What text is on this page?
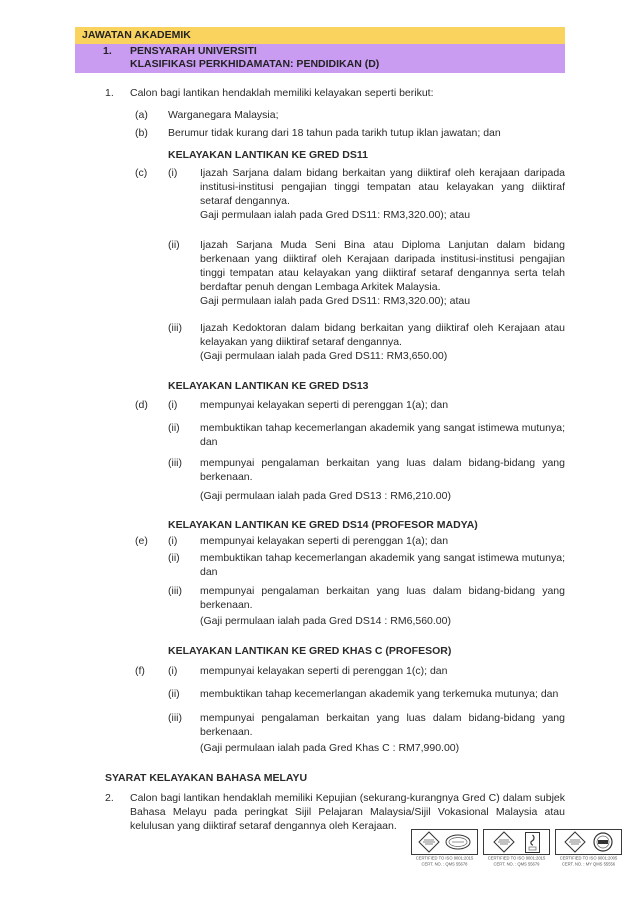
JAWATAN AKADEMIK
1.	PENSYARAH UNIVERSITI
KLASIFIKASI PERKHIDAMATAN: PENDIDIKAN (D)
1.	Calon bagi lantikan hendaklah memiliki kelayakan seperti berikut:
(a)	Warganegara Malaysia;
(b)	Berumur tidak kurang dari 18 tahun pada tarikh tutup iklan jawatan; dan
KELAYAKAN LANTIKAN KE GRED DS11
(c)	(i)	Ijazah Sarjana dalam bidang berkaitan yang diiktiraf oleh kerajaan daripada institusi-institusi pengajian tinggi tempatan atau kelayakan yang diiktiraf setaraf dengannya.
Gaji permulaan ialah pada Gred DS11: RM3,320.00); atau
(ii)	Ijazah Sarjana Muda Seni Bina atau Diploma Lanjutan dalam bidang berkenaan yang diiktiraf oleh Kerajaan daripada institusi-institusi pengajian tinggi tempatan atau kelayakan yang diiktiraf setaraf dengannya serta telah berdaftar penuh dengan Lembaga Arkitek Malaysia.
Gaji permulaan ialah pada Gred DS11: RM3,320.00); atau
(iii)	Ijazah Kedoktoran dalam bidang berkaitan yang diiktiraf oleh Kerajaan atau kelayakan yang diiktiraf setaraf dengannya.
(Gaji permulaan ialah pada Gred DS11: RM3,650.00)
KELAYAKAN LANTIKAN KE GRED DS13
(d)	(i)	mempunyai kelayakan seperti di perenggan 1(a); dan
(ii)	membuktikan tahap kecemerlangan akademik yang sangat istimewa mutunya; dan
(iii)	mempunyai pengalaman berkaitan yang luas dalam bidang-bidang yang berkenaan.
(Gaji permulaan ialah pada Gred DS13 : RM6,210.00)
KELAYAKAN LANTIKAN KE GRED DS14 (PROFESOR MADYA)
(e)	(i)	mempunyai kelayakan seperti di perenggan 1(a); dan
(ii)	membuktikan tahap kecemerlangan akademik yang sangat istimewa mutunya; dan
(iii)	mempunyai pengalaman berkaitan yang luas dalam bidang-bidang yang berkenaan.
(Gaji permulaan ialah pada Gred DS14 : RM6,560.00)
KELAYAKAN LANTIKAN KE GRED KHAS C (PROFESOR)
(f)	(i)	mempunyai kelayakan seperti di perenggan 1(c); dan
(ii)	membuktikan tahap kecemerlangan akademik yang terkemuka mutunya; dan
(iii)	mempunyai pengalaman berkaitan yang luas dalam bidang-bidang yang berkenaan.
(Gaji permulaan ialah pada Gred Khas C : RM7,990.00)
SYARAT KELAYAKAN BAHASA MELAYU
2.	Calon bagi lantikan hendaklah memiliki Kepujian (sekurang-kurangnya Gred C) dalam subjek Bahasa Melayu pada peringkat Sijil Pelajaran Malaysia/Sijil Vokasional Malaysia atau kelulusan yang diiktiraf setaraf dengannya oleh Kerajaan.
CERTIFIED TO ISO 9001:2015
CERT. NO. : QMS 55678
CERTIFIED TO ISO 9001:2015
CERT. NO. : QMS 55679
CERTIFIED TO ISO 9001:2005
CERT. NO. : MY QMS 55556
